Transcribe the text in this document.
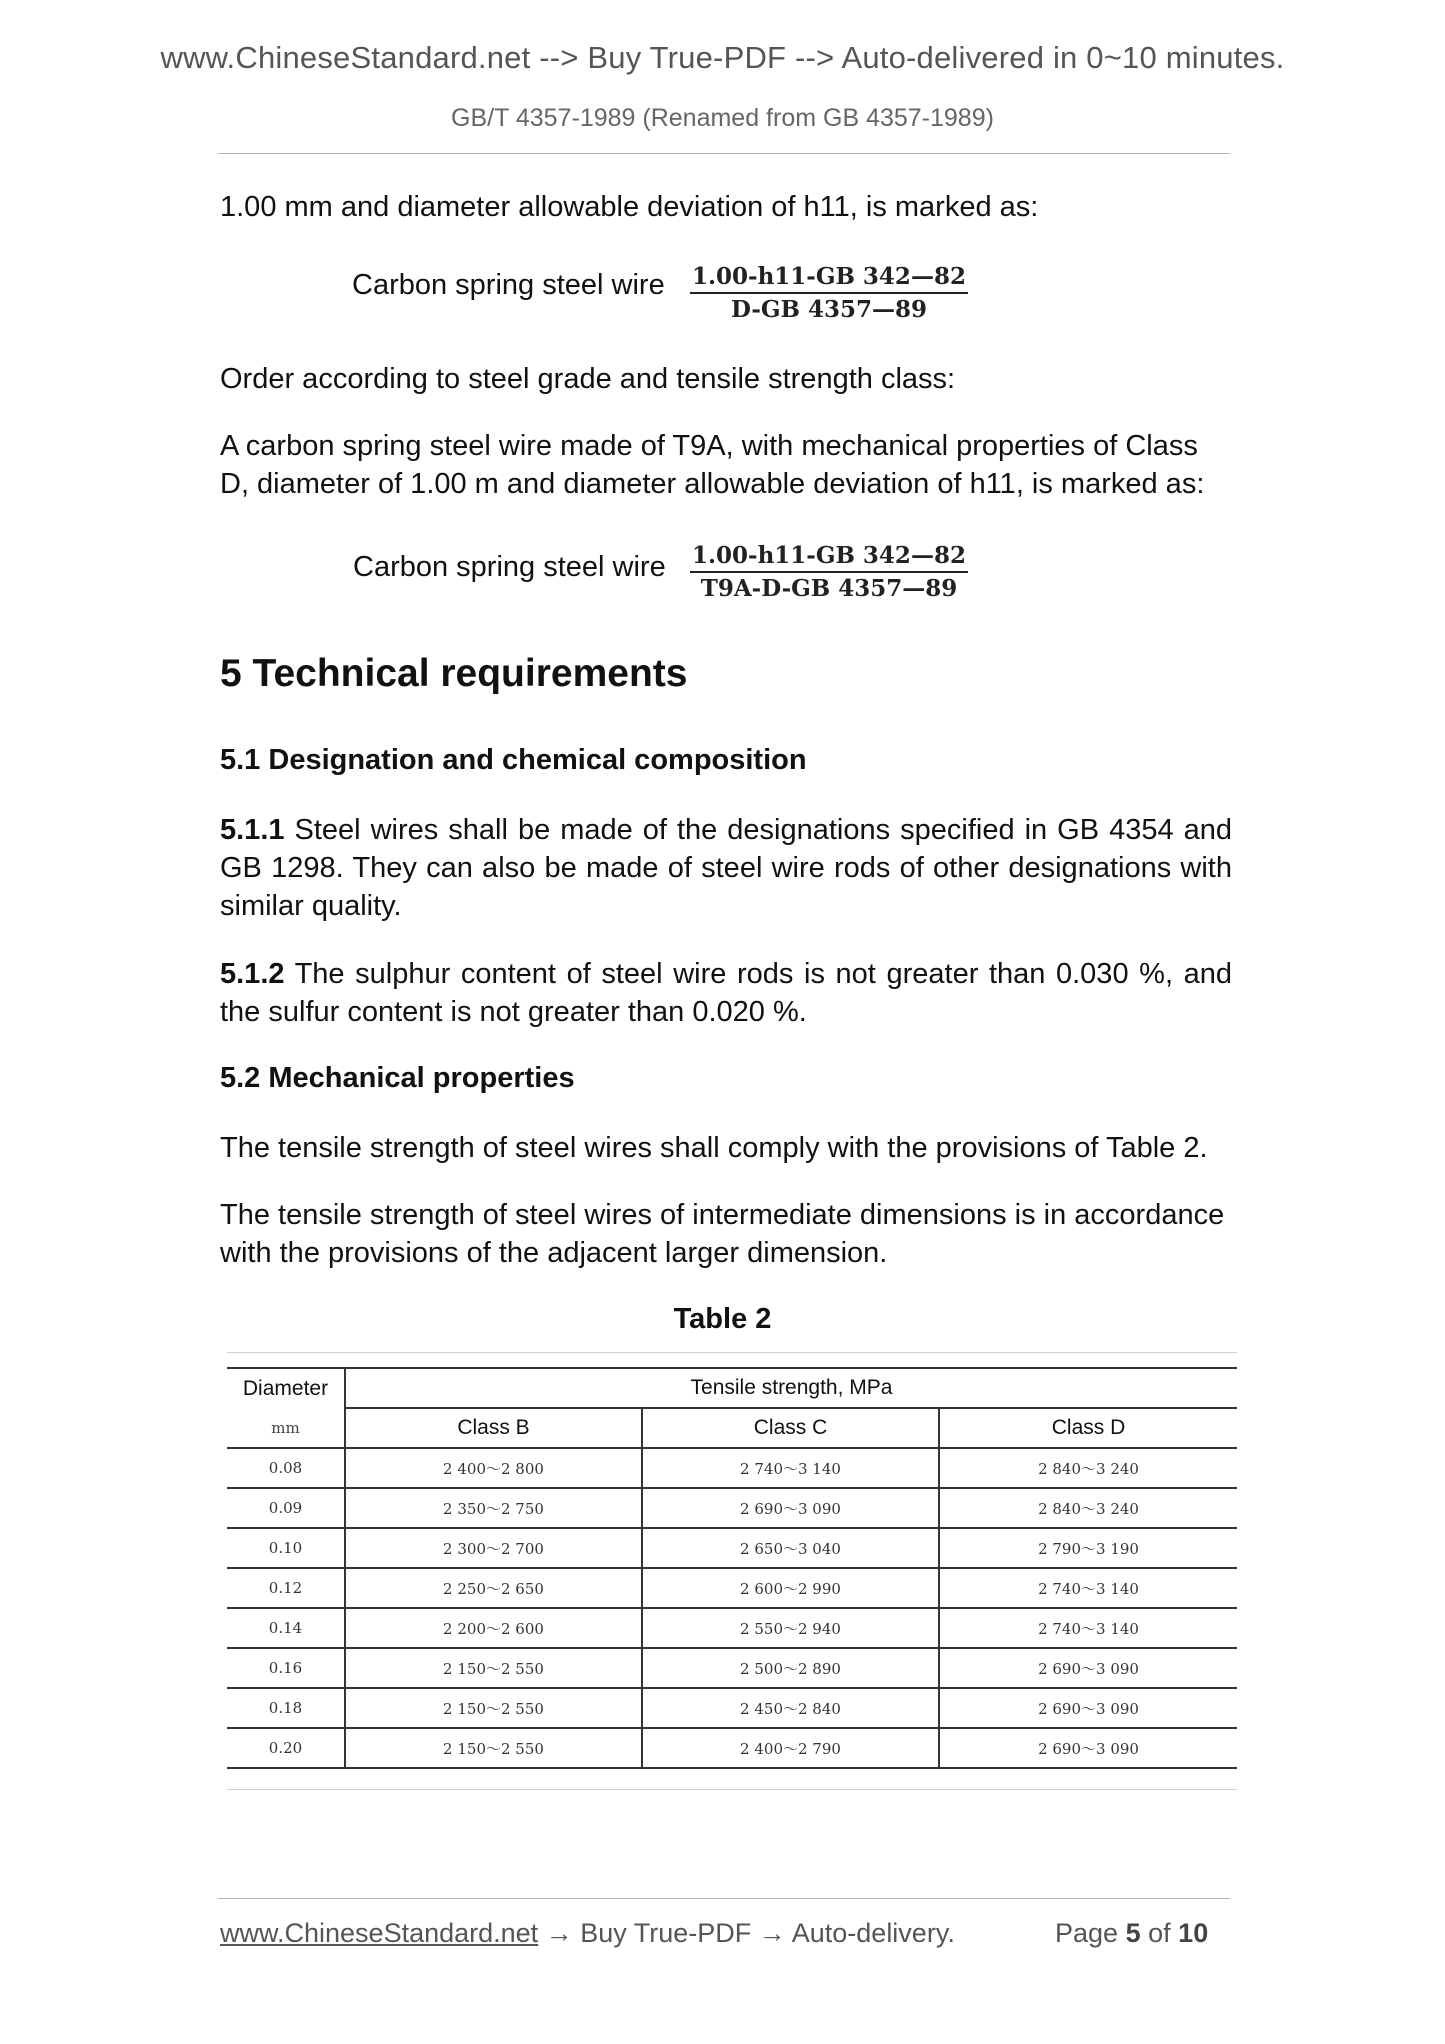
www.ChineseStandard.net --> Buy True-PDF --> Auto-delivered in 0~10 minutes.
GB/T 4357-1989 (Renamed from GB 4357-1989)

1.00 mm and diameter allowable deviation of h11, is marked as:

Carbon spring steel wire $\frac{1.00-h11-GB 342—82}{D-GB 4357—89}$

Order according to steel grade and tensile strength class:

A carbon spring steel wire made of T9A, with mechanical properties of Class D, diameter of 1.00 m and diameter allowable deviation of h11, is marked as:

Carbon spring steel wire $\frac{1.00-h11-GB 342—82}{T9A-D-GB 4357—89}$
5 Technical requirements
5.1 Designation and chemical composition

5.1.1 Steel wires shall be made of the designations specified in GB 4354 and GB 1298. They can also be made of steel wire rods of other designations with similar quality.

5.1.2 The sulphur content of steel wire rods is not greater than 0.030 %, and the sulfur content is not greater than 0.020 %.

5.2 Mechanical properties

The tensile strength of steel wires shall comply with the provisions of Table 2.

The tensile strength of steel wires of intermediate dimensions is in accordance with the provisions of the adjacent larger dimension.

Table 2
Diameter	Tensile strength, MPa		
mm	Class B	Class C	Class D
0.08	2 400～2 800	2 740～3 140	2 840～3 240
0.09	2 350～2 750	2 690～3 090	2 840～3 240
0.10	2 300～2 700	2 650～3 040	2 790～3 190
0.12	2 250～2 650	2 600～2 990	2 740～3 140
0.14	2 200～2 600	2 550～2 940	2 740～3 140
0.16	2 150～2 550	2 500～2 890	2 690～3 090
0.18	2 150～2 550	2 450～2 840	2 690～3 090
0.20	2 150～2 550	2 400～2 790	2 690～3 090
www.ChineseStandard.net → Buy True-PDF → Auto-delivery.	Page 5 of 10
